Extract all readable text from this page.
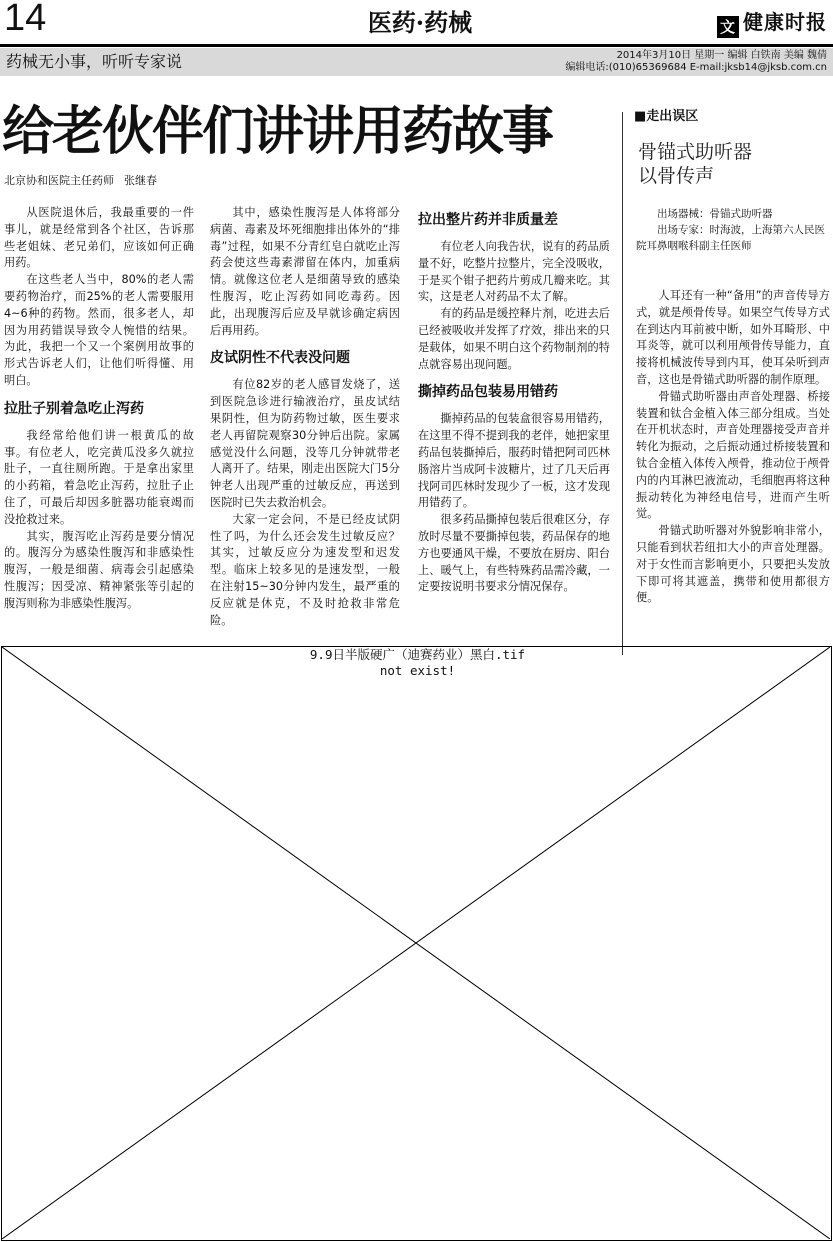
14	医药·药械	文 健康时报
药械无小事，听听专家说	2014年3月10日 星期一 编辑 白铁南 美编 魏倩
编辑电话:(010)65369684 E-mail:jksb14@jksb.com.cn
给老伙伴们讲讲用药故事
北京协和医院主任药师 张继春

从医院退休后，我最重要的一件事儿，就是经常到各个社区，告诉那些老姐妹、老兄弟们，应该如何正确用药。

在这些老人当中，80%的老人需要药物治疗，而25%的老人需要服用4~6种的药物。然而，很多老人，却因为用药错误导致令人惋惜的结果。为此，我把一个又一个案例用故事的形式告诉老人们，让他们听得懂、用明白。

拉肚子别着急吃止泻药

我经常给他们讲一根黄瓜的故事。有位老人，吃完黄瓜没多久就拉肚子，一直往厕所跑。于是拿出家里的小药箱，着急吃止泻药，拉肚子止住了，可最后却因多脏器功能衰竭而没抢救过来。

其实，腹泻吃止泻药是要分情况的。腹泻分为感染性腹泻和非感染性腹泻，一般是细菌、病毒会引起感染性腹泻；因受凉、精神紧张等引起的腹泻则称为非感染性腹泻。

其中，感染性腹泻是人体将部分病菌、毒素及坏死细胞排出体外的“排毒”过程，如果不分青红皂白就吃止泻药会使这些毒素滞留在体内，加重病情。就像这位老人是细菌导致的感染性腹泻，吃止泻药如同吃毒药。因此，出现腹泻后应及早就诊确定病因后再用药。

皮试阴性不代表没问题

有位82岁的老人感冒发烧了，送到医院急诊进行输液治疗，虽皮试结果阴性，但为防药物过敏，医生要求老人再留院观察30分钟后出院。家属感觉没什么问题，没等几分钟就带老人离开了。结果，刚走出医院大门5分钟老人出现严重的过敏反应，再送到医院时已失去救治机会。

大家一定会问，不是已经皮试阴性了吗，为什么还会发生过敏反应？其实，过敏反应分为速发型和迟发型。临床上较多见的是速发型，一般在注射15~30分钟内发生，最严重的反应就是休克，不及时抢救非常危险。

拉出整片药并非质量差

有位老人向我告状，说有的药品质量不好，吃整片拉整片，完全没吸收，于是买个钳子把药片剪成几瓣来吃。其实，这是老人对药品不太了解。

有的药品是缓控释片剂，吃进去后已经被吸收并发挥了疗效，排出来的只是载体，如果不明白这个药物制剂的特点就容易出现问题。

撕掉药品包装易用错药

撕掉药品的包装盒很容易用错药，在这里不得不提到我的老伴，她把家里药品包装撕掉后，服药时错把阿司匹林肠溶片当成阿卡波糖片，过了几天后再找阿司匹林时发现少了一板，这才发现用错药了。

很多药品撕掉包装后很难区分，存放时尽量不要撕掉包装，药品保存的地方也要通风干燥，不要放在厨房、阳台上、暖气上，有些特殊药品需冷藏，一定要按说明书要求分情况保存。

■走出误区
骨锚式助听器
以骨传声

出场器械：骨锚式助听器

出场专家：时海波，上海第六人民医院耳鼻咽喉科副主任医师

人耳还有一种“备用”的声音传导方式，就是颅骨传导。如果空气传导方式在到达内耳前被中断，如外耳畸形、中耳炎等，就可以利用颅骨传导能力，直接将机械波传导到内耳，使耳朵听到声音，这也是骨锚式助听器的制作原理。

骨锚式助听器由声音处理器、桥接装置和钛合金植入体三部分组成。当处在开机状态时，声音处理器接受声音并转化为振动，之后振动通过桥接装置和钛合金植入体传入颅骨，推动位于颅骨内的内耳淋巴液流动，毛细胞再将这种振动转化为神经电信号，进而产生听觉。

骨锚式助听器对外貌影响非常小，只能看到状若纽扣大小的声音处理器。对于女性而言影响更小，只要把头发放下即可将其遮盖，携带和使用都很方便。

9.9日半版硬广（迪赛药业）黑白.tif
not exist!
